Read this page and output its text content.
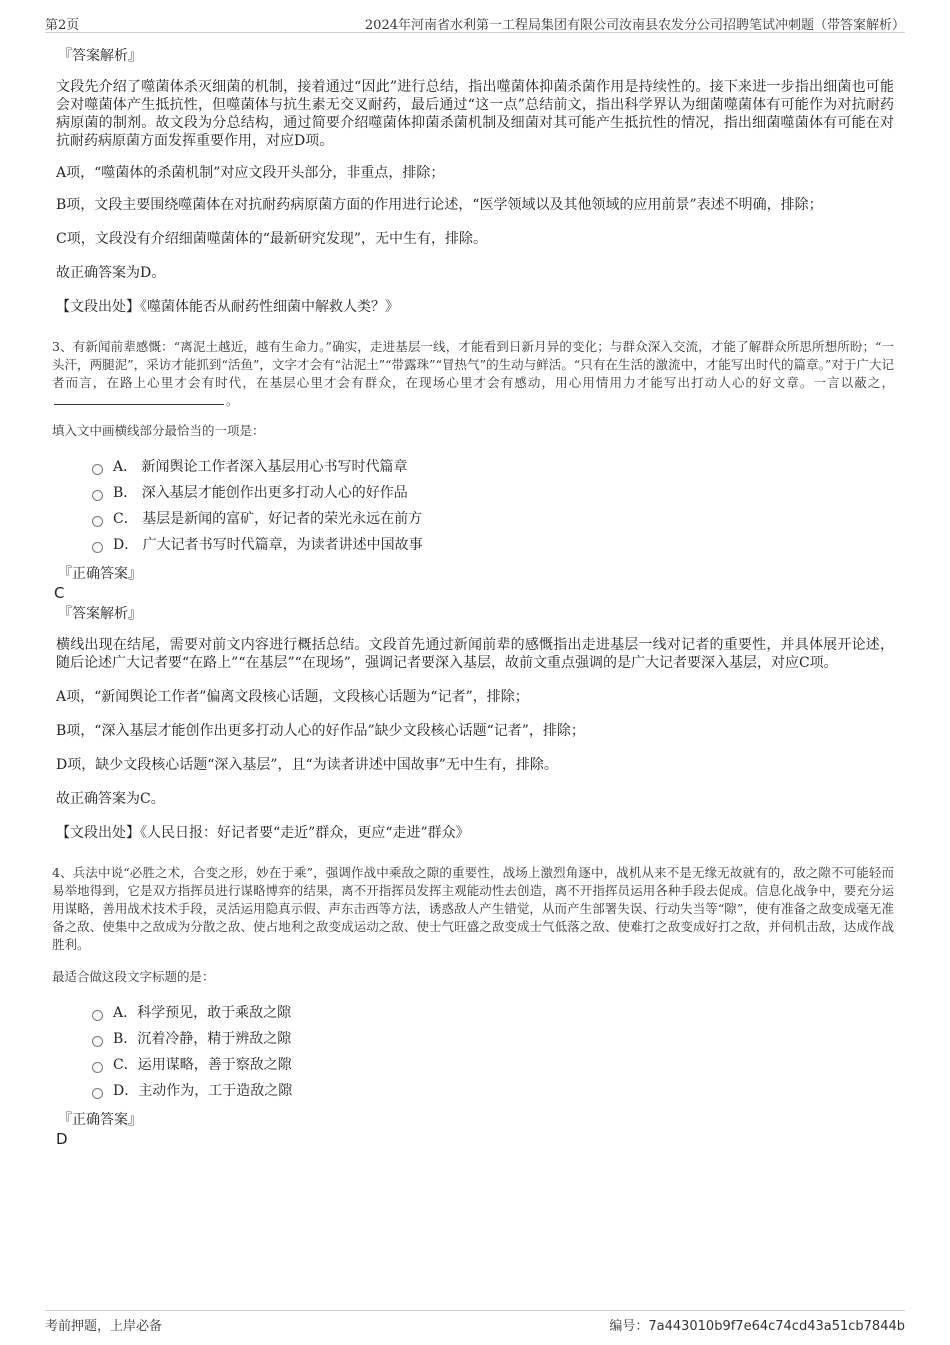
第2页	2024年河南省水利第一工程局集团有限公司汝南县农发分公司招聘笔试冲刺题（带答案解析）

『答案解析』

文段先介绍了噬菌体杀灭细菌的机制，接着通过“因此”进行总结，指出噬菌体抑菌杀菌作用是持续性的。接下来进一步指出细菌也可能会对噬菌体产生抵抗性，但噬菌体与抗生素无交叉耐药，最后通过“这一点”总结前文，指出科学界认为细菌噬菌体有可能作为对抗耐药病原菌的制剂。故文段为分总结构，通过简要介绍噬菌体抑菌杀菌机制及细菌对其可能产生抵抗性的情况，指出细菌噬菌体有可能在对抗耐药病原菌方面发挥重要作用，对应D项。

A项，“噬菌体的杀菌机制”对应文段开头部分，非重点，排除；

B项，文段主要围绕噬菌体在对抗耐药病原菌方面的作用进行论述，“医学领域以及其他领域的应用前景”表述不明确，排除；

C项，文段没有介绍细菌噬菌体的“最新研究发现”，无中生有，排除。

故正确答案为D。

【文段出处】《噬菌体能否从耐药性细菌中解救人类？》

3、有新闻前辈感慨：“离泥土越近，越有生命力。”确实，走进基层一线，才能看到日新月异的变化；与群众深入交流，才能了解群众所思所想所盼；“一头汗，两腿泥”，采访才能抓到“活鱼”，文字才会有“沾泥土”“带露珠”“冒热气”的生动与鲜活。“只有在生活的激流中，才能写出时代的篇章。”对于广大记者而言，在路上心里才会有时代，在基层心里才会有群众，在现场心里才会有感动，用心用情用力才能写出打动人心的好文章。一言以蔽之，。

填入文中画横线部分最恰当的一项是：

A． 新闻舆论工作者深入基层用心书写时代篇章
B． 深入基层才能创作出更多打动人心的好作品
C． 基层是新闻的富矿，好记者的荣光永远在前方
D． 广大记者书写时代篇章，为读者讲述中国故事

『正确答案』

C

『答案解析』

横线出现在结尾，需要对前文内容进行概括总结。文段首先通过新闻前辈的感慨指出走进基层一线对记者的重要性，并具体展开论述，随后论述广大记者要“在路上”“在基层”“在现场”，强调记者要深入基层，故前文重点强调的是广大记者要深入基层，对应C项。

A项，“新闻舆论工作者”偏离文段核心话题，文段核心话题为“记者”，排除；

B项，“深入基层才能创作出更多打动人心的好作品”缺少文段核心话题“记者”，排除；

D项，缺少文段核心话题“深入基层”，且“为读者讲述中国故事”无中生有，排除。

故正确答案为C。

【文段出处】《人民日报：好记者要“走近”群众，更应“走进”群众》

4、兵法中说“必胜之术，合变之形，妙在于乘”，强调作战中乘敌之隙的重要性，战场上激烈角逐中，战机从来不是无缘无故就有的，敌之隙不可能轻而易举地得到，它是双方指挥员进行谋略博弈的结果，离不开指挥员发挥主观能动性去创造，离不开指挥员运用各种手段去促成。信息化战争中，要充分运用谋略，善用战术技术手段，灵活运用隐真示假、声东击西等方法，诱惑敌人产生错觉，从而产生部署失误、行动失当等“隙”，使有准备之敌变成毫无准备之敌、使集中之敌成为分散之敌、使占地利之敌变成运动之敌、使士气旺盛之敌变成士气低落之敌、使难打之敌变成好打之敌，并伺机击敌，达成作战胜利。

最适合做这段文字标题的是：

A．科学预见，敢于乘敌之隙
B．沉着冷静，精于辨敌之隙
C．运用谋略，善于察敌之隙
D．主动作为，工于造敌之隙

『正确答案』

D

考前押题，上岸必备	编号：7a443010b9f7e64c74cd43a51cb7844b
